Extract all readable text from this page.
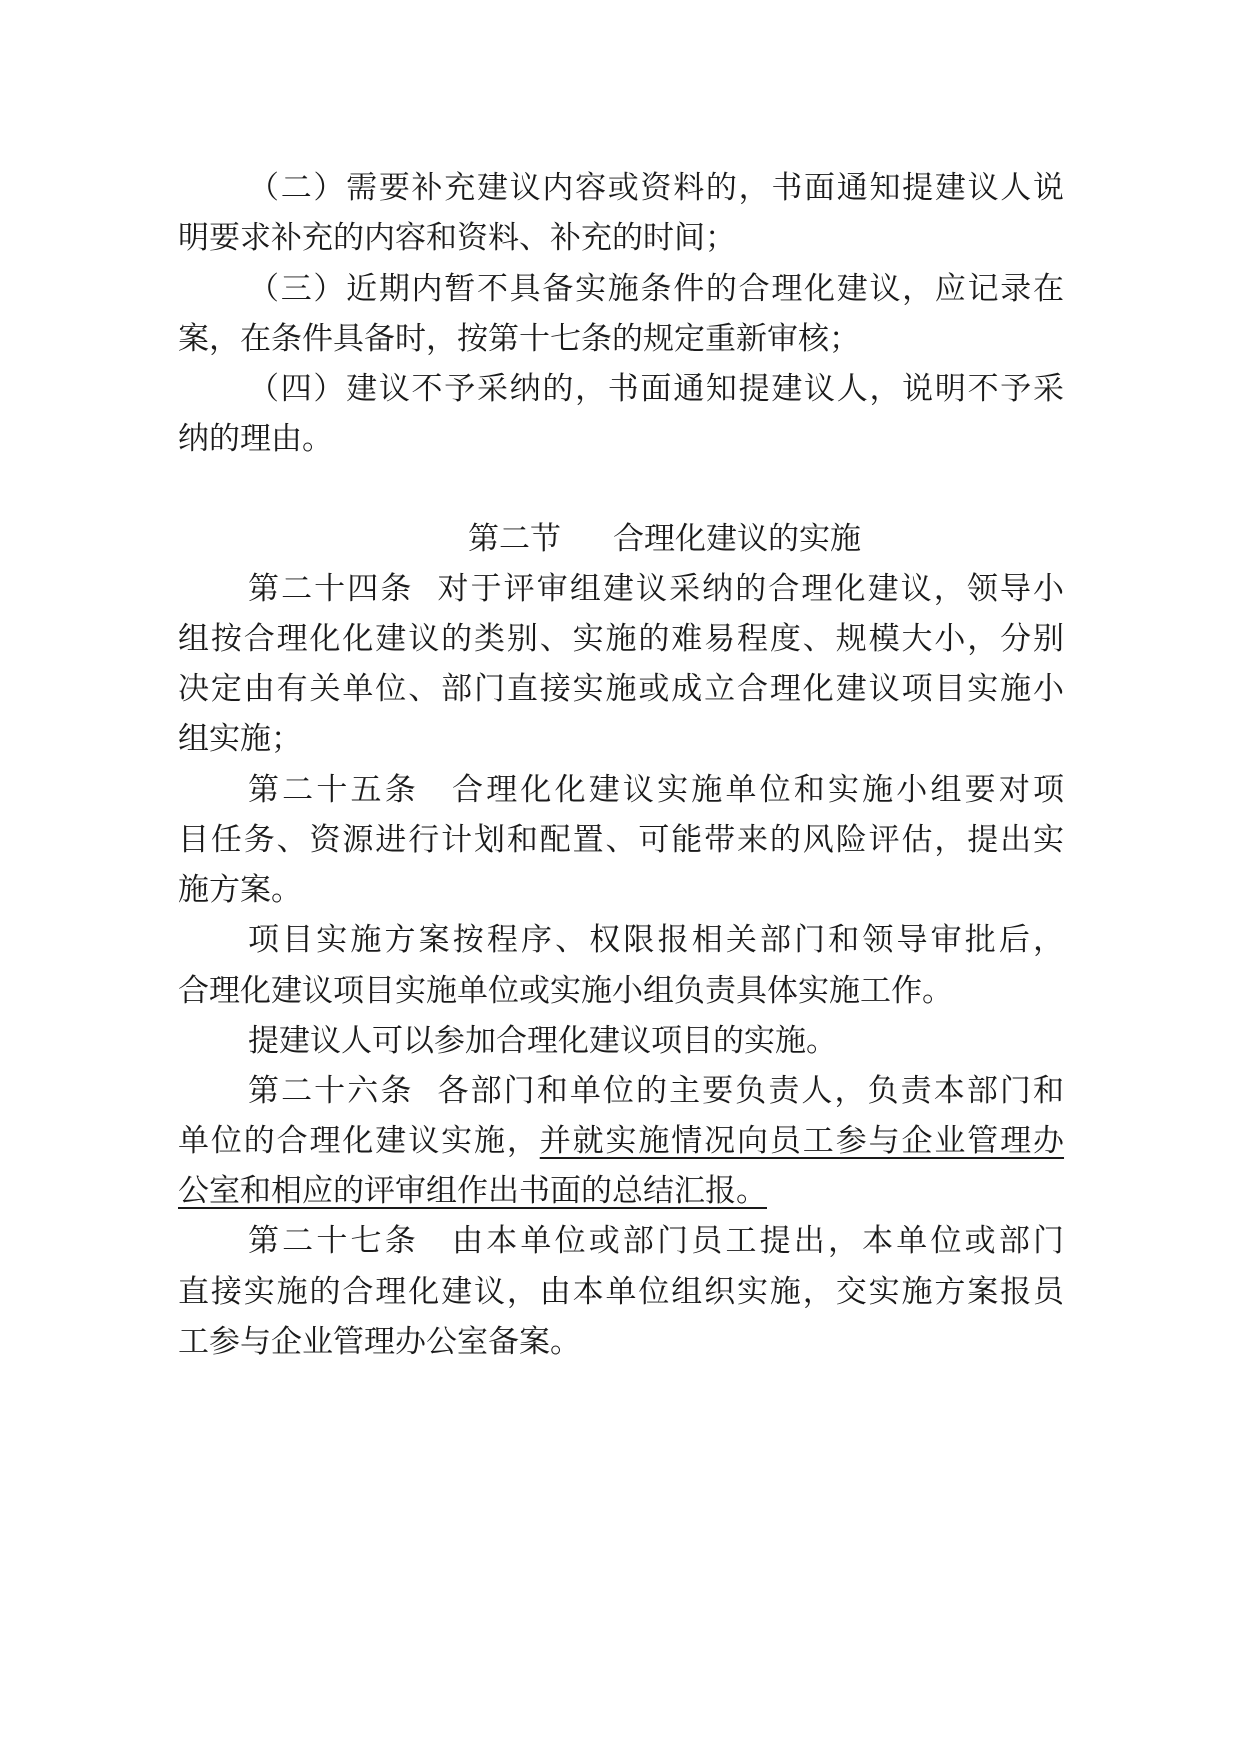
（二）需要补充建议内容或资料的，书面通知提建议人说
明要求补充的内容和资料、补充的时间；
（三）近期内暂不具备实施条件的合理化建议，应记录在
案，在条件具备时，按第十七条的规定重新审核；
（四）建议不予采纳的，书面通知提建议人，说明不予采
纳的理由。
第二节 合理化建议的实施
第二十四条 对于评审组建议采纳的合理化建议，领导小
组按合理化化建议的类别、实施的难易程度、规模大小，分别
决定由有关单位、部门直接实施或成立合理化建议项目实施小
组实施；
第二十五条 合理化化建议实施单位和实施小组要对项
目任务、资源进行计划和配置、可能带来的风险评估，提出实
施方案。
项目实施方案按程序、权限报相关部门和领导审批后，
合理化建议项目实施单位或实施小组负责具体实施工作。
提建议人可以参加合理化建议项目的实施。
第二十六条 各部门和单位的主要负责人，负责本部门和
单位的合理化建议实施，并就实施情况向员工参与企业管理办
公室和相应的评审组作出书面的总结汇报。
第二十七条 由本单位或部门员工提出，本单位或部门
直接实施的合理化建议，由本单位组织实施，交实施方案报员
工参与企业管理办公室备案。
